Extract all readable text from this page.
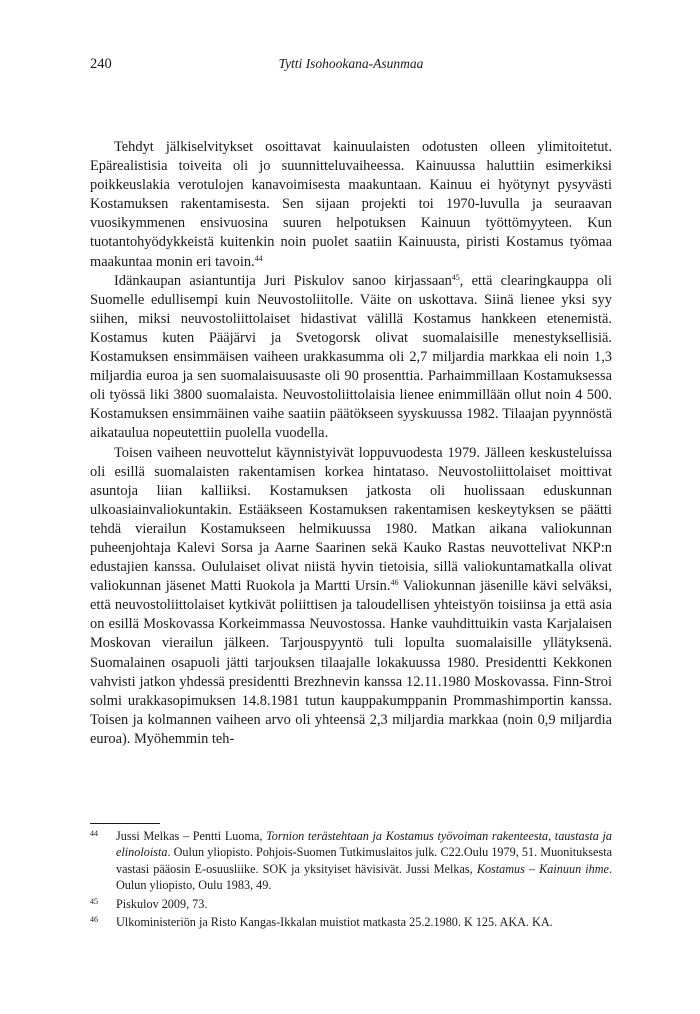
240	Tytti Isohookana-Asunmaa

Tehdyt jälkiselvitykset osoittavat kainuulaisten odotusten olleen ylimitoitetut. Epärealistisia toiveita oli jo suunnitteluvaiheessa. Kainuussa haluttiin esimerkiksi poikkeuslakia verotulojen kanavoimisesta maakuntaan. Kainuu ei hyötynyt pysyvästi Kostamuksen rakentamisesta. Sen sijaan projekti toi 1970-luvulla ja seuraavan vuosikymmenen ensivuosina suuren helpotuksen Kainuun työttömyyteen. Kun tuotantohyödykkeistä kuitenkin noin puolet saatiin Kainuusta, piristi Kostamus työmaa maakuntaa monin eri tavoin.$^{44}$

Idänkaupan asiantuntija Juri Piskulov sanoo kirjassaan$^{45}$, että clearingkauppa oli Suomelle edullisempi kuin Neuvostoliitolle. Väite on uskottava. Siinä lienee yksi syy siihen, miksi neuvostoliittolaiset hidastivat välillä Kostamus hankkeen etenemistä. Kostamus kuten Pääjärvi ja Svetogorsk olivat suomalaisille menestyksellisiä. Kostamuksen ensimmäisen vaiheen urakkasumma oli 2,7 miljardia markkaa eli noin 1,3 miljardia euroa ja sen suomalaisuusaste oli 90 prosenttia. Parhaimmillaan Kostamuksessa oli työssä liki 3800 suomalaista. Neuvostoliittolaisia lienee enimmillään ollut noin 4 500. Kostamuksen ensimmäinen vaihe saatiin päätökseen syyskuussa 1982. Tilaajan pyynnöstä aikataulua nopeutettiin puolella vuodella.

Toisen vaiheen neuvottelut käynnistyivät loppuvuodesta 1979. Jälleen keskusteluissa oli esillä suomalaisten rakentamisen korkea hintataso. Neuvostoliittolaiset moittivat asuntoja liian kalliiksi. Kostamuksen jatkosta oli huolissaan eduskunnan ulkoasiainvaliokuntakin. Estääkseen Kostamuksen rakentamisen keskeytyksen se päätti tehdä vierailun Kostamukseen helmikuussa 1980. Matkan aikana valiokunnan puheenjohtaja Kalevi Sorsa ja Aarne Saarinen sekä Kauko Rastas neuvottelivat NKP:n edustajien kanssa. Oululaiset olivat niistä hyvin tietoisia, sillä valiokuntamatkalla olivat valiokunnan jäsenet Matti Ruokola ja Martti Ursin.$^{46}$ Valiokunnan jäsenille kävi selväksi, että neuvostoliittolaiset kytkivät poliittisen ja taloudellisen yhteistyön toisiinsa ja että asia on esillä Moskovassa Korkeimmassa Neuvostossa. Hanke vauhdittuikin vasta Karjalaisen Moskovan vierailun jälkeen. Tarjouspyyntö tuli lopulta suomalaisille yllätyksenä. Suomalainen osapuoli jätti tarjouksen tilaajalle lokakuussa 1980. Presidentti Kekkonen vahvisti jatkon yhdessä presidentti Brezhnevin kanssa 12.11.1980 Moskovassa. Finn-Stroi solmi urakkasopimuksen 14.8.1981 tutun kauppakumppanin Prommashimportin kanssa. Toisen ja kolmannen vaiheen arvo oli yhteensä 2,3 miljardia markkaa (noin 0,9 miljardia euroa). Myöhemmin teh-

44 Jussi Melkas – Pentti Luoma, Tornion terästehtaan ja Kostamus työvoiman rakenteesta, taustasta ja elinoloista. Oulun yliopisto. Pohjois-Suomen Tutkimuslaitos julk. C22.Oulu 1979, 51. Muonituksesta vastasi pääosin E-osuusliike. SOK ja yksityiset hävisivät. Jussi Melkas, Kostamus – Kainuun ihme. Oulun yliopisto, Oulu 1983, 49.
45 Piskulov 2009, 73.
46 Ulkoministeriön ja Risto Kangas-Ikkalan muistiot matkasta 25.2.1980. K 125. AKA. KA.
